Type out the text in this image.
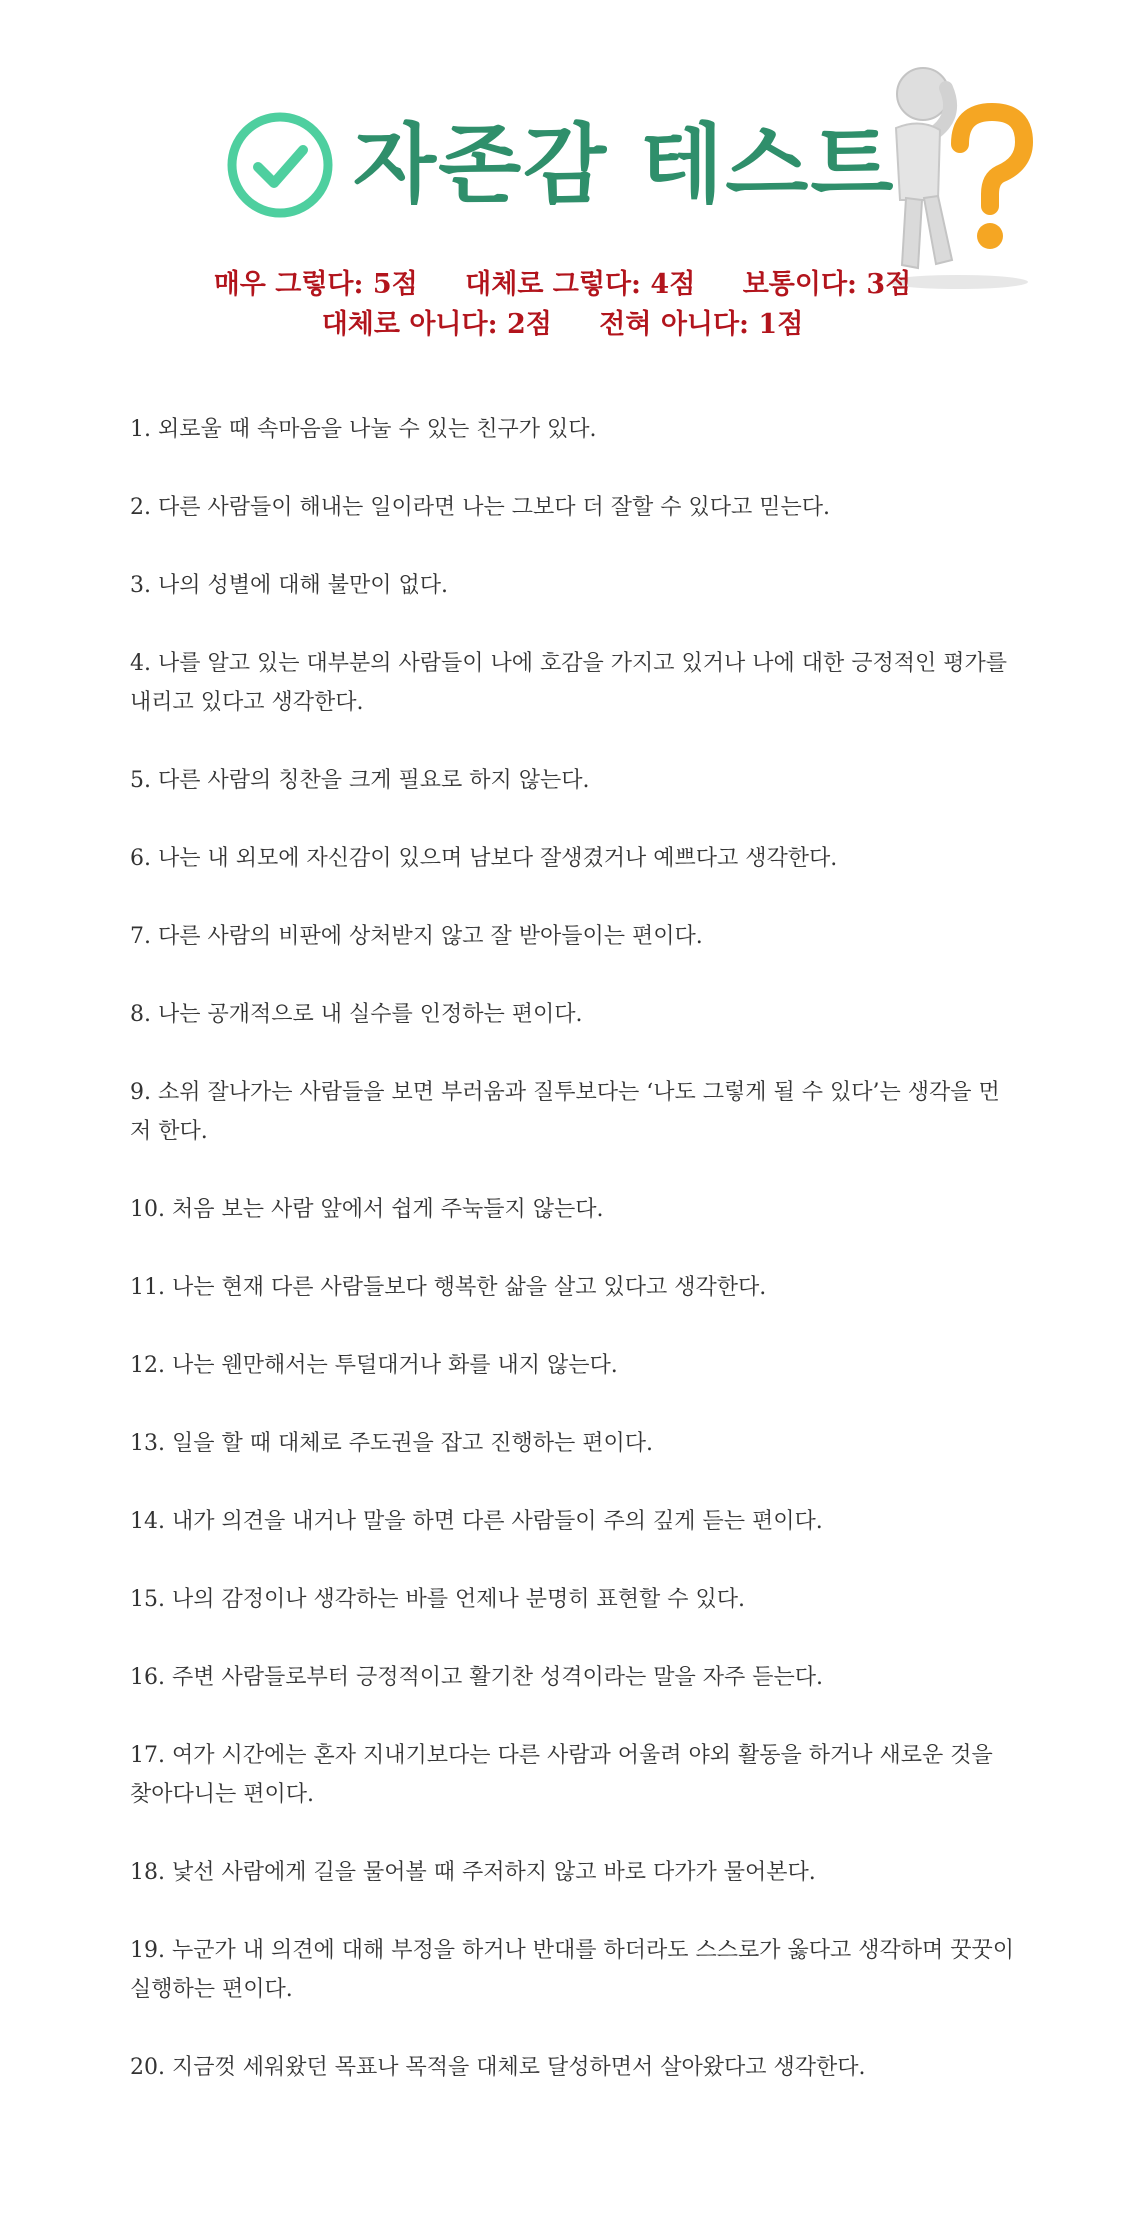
자존감 테스트
매우 그렇다: 5점 대체로 그렇다: 4점 보통이다: 3점
대체로 아니다: 2점 전혀 아니다: 1점
1. 외로울 때 속마음을 나눌 수 있는 친구가 있다.
2. 다른 사람들이 해내는 일이라면 나는 그보다 더 잘할 수 있다고 믿는다.
3. 나의 성별에 대해 불만이 없다.
4. 나를 알고 있는 대부분의 사람들이 나에 호감을 가지고 있거나 나에 대한 긍정적인 평가를 내리고 있다고 생각한다.
5. 다른 사람의 칭찬을 크게 필요로 하지 않는다.
6. 나는 내 외모에 자신감이 있으며 남보다 잘생겼거나 예쁘다고 생각한다.
7. 다른 사람의 비판에 상처받지 않고 잘 받아들이는 편이다.
8. 나는 공개적으로 내 실수를 인정하는 편이다.
9. 소위 잘나가는 사람들을 보면 부러움과 질투보다는 ‘나도 그렇게 될 수 있다’는 생각을 먼저 한다.
10. 처음 보는 사람 앞에서 쉽게 주눅들지 않는다.
11. 나는 현재 다른 사람들보다 행복한 삶을 살고 있다고 생각한다.
12. 나는 웬만해서는 투덜대거나 화를 내지 않는다.
13. 일을 할 때 대체로 주도권을 잡고 진행하는 편이다.
14. 내가 의견을 내거나 말을 하면 다른 사람들이 주의 깊게 듣는 편이다.
15. 나의 감정이나 생각하는 바를 언제나 분명히 표현할 수 있다.
16. 주변 사람들로부터 긍정적이고 활기찬 성격이라는 말을 자주 듣는다.
17. 여가 시간에는 혼자 지내기보다는 다른 사람과 어울려 야외 활동을 하거나 새로운 것을 찾아다니는 편이다.
18. 낯선 사람에게 길을 물어볼 때 주저하지 않고 바로 다가가 물어본다.
19. 누군가 내 의견에 대해 부정을 하거나 반대를 하더라도 스스로가 옳다고 생각하며 꿋꿋이 실행하는 편이다.
20. 지금껏 세워왔던 목표나 목적을 대체로 달성하면서 살아왔다고 생각한다.
